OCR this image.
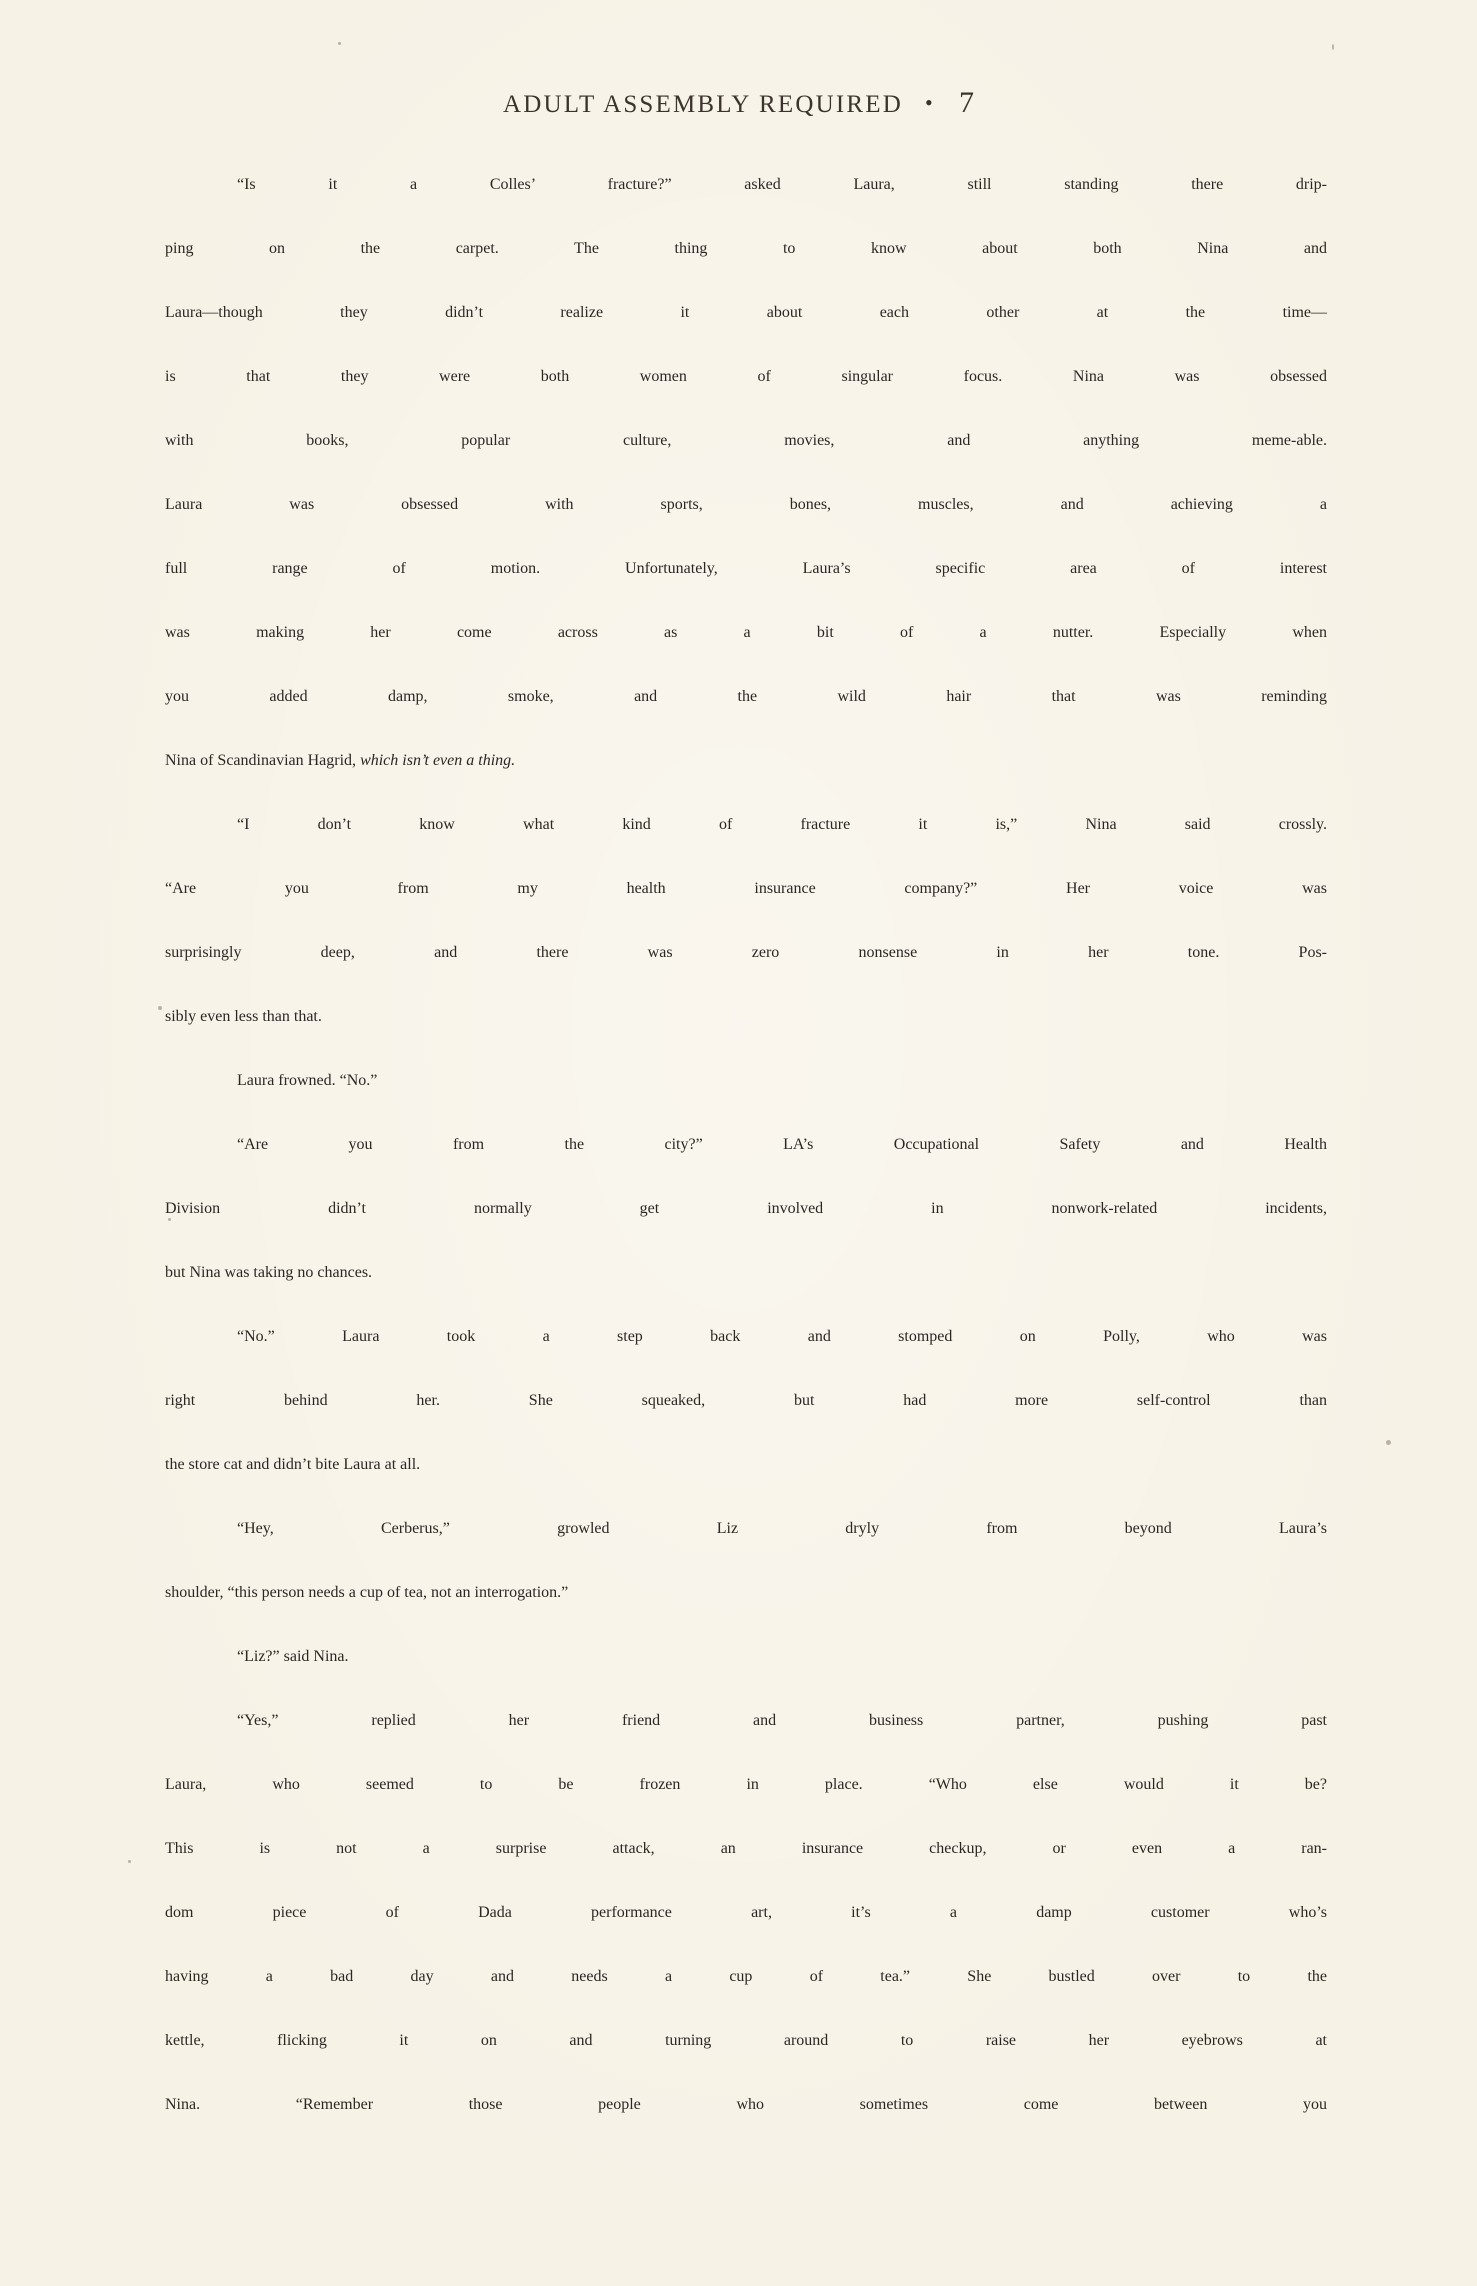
ADULT ASSEMBLY REQUIRED • 7
“Is it a Colles’ fracture?” asked Laura, still standing there drip-
ping on the carpet. The thing to know about both Nina and
Laura—though they didn’t realize it about each other at the time—
is that they were both women of singular focus. Nina was obsessed
with books, popular culture, movies, and anything meme-able.
Laura was obsessed with sports, bones, muscles, and achieving a
full range of motion. Unfortunately, Laura’s specific area of interest
was making her come across as a bit of a nutter. Especially when
you added damp, smoke, and the wild hair that was reminding
Nina of Scandinavian Hagrid, which isn’t even a thing.
“I don’t know what kind of fracture it is,” Nina said crossly.
“Are you from my health insurance company?” Her voice was
surprisingly deep, and there was zero nonsense in her tone. Pos-
sibly even less than that.
Laura frowned. “No.”
“Are you from the city?” LA’s Occupational Safety and Health
Division didn’t normally get involved in nonwork-related incidents,
but Nina was taking no chances.
“No.” Laura took a step back and stomped on Polly, who was
right behind her. She squeaked, but had more self-control than
the store cat and didn’t bite Laura at all.
“Hey, Cerberus,” growled Liz dryly from beyond Laura’s
shoulder, “this person needs a cup of tea, not an interrogation.”
“Liz?” said Nina.
“Yes,” replied her friend and business partner, pushing past
Laura, who seemed to be frozen in place. “Who else would it be?
This is not a surprise attack, an insurance checkup, or even a ran-
dom piece of Dada performance art, it’s a damp customer who’s
having a bad day and needs a cup of tea.” She bustled over to the
kettle, flicking it on and turning around to raise her eyebrows at
Nina. “Remember those people who sometimes come between you
